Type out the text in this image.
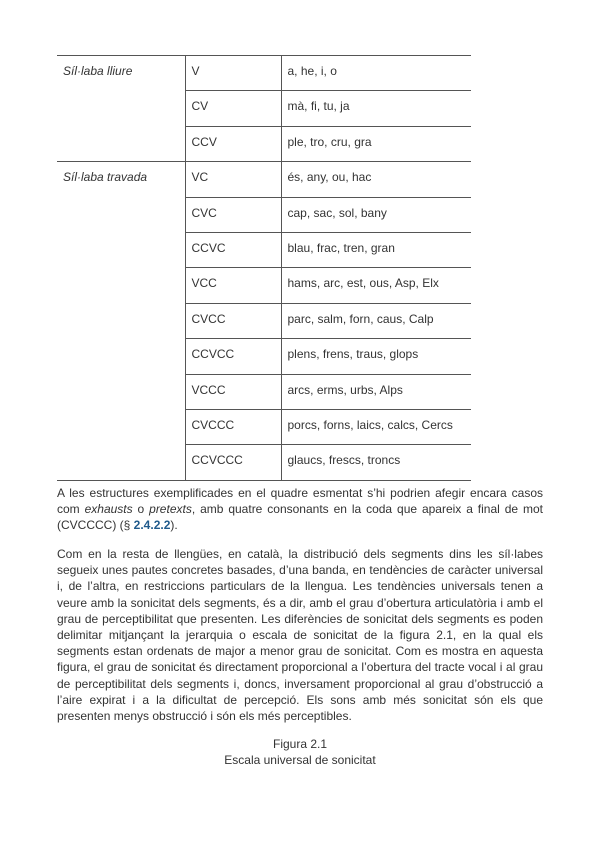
Síl·laba lliure	V	a, he, i, o
	CV	mà, fi, tu, ja
	CCV	ple, tro, cru, gra
Síl·laba travada	VC	és, any, ou, hac
	CVC	cap, sac, sol, bany
	CCVC	blau, frac, tren, gran
	VCC	hams, arc, est, ous, Asp, Elx
	CVCC	parc, salm, forn, caus, Calp
	CCVCC	plens, frens, traus, glops
	VCCC	arcs, erms, urbs, Alps
	CVCCC	porcs, forns, laics, calcs, Cercs
	CCVCCC	glaucs, frescs, troncs

A les estructures exemplificades en el quadre esmentat s’hi podrien afegir encara casos com exhausts o pretexts, amb quatre consonants en la coda que apareix a final de mot (CVCCCC) (§ 2.4.2.2).

Com en la resta de llengües, en català, la distribució dels segments dins les síl·labes segueix unes pautes concretes basades, d’una banda, en tendències de caràcter universal i, de l’altra, en restriccions particulars de la llengua. Les tendències universals tenen a veure amb la sonicitat dels segments, és a dir, amb el grau d’obertura articulatòria i amb el grau de perceptibilitat que presenten. Les diferències de sonicitat dels segments es poden delimitar mitjançant la jerarquia o escala de sonicitat de la figura 2.1, en la qual els segments estan ordenats de major a menor grau de sonicitat. Com es mostra en aquesta figura, el grau de sonicitat és directament proporcional a l’obertura del tracte vocal i al grau de perceptibilitat dels segments i, doncs, inversament proporcional al grau d’obstrucció a l’aire expirat i a la dificultat de percepció. Els sons amb més sonicitat són els que presenten menys obstrucció i són els més perceptibles.

Figura 2.1
Escala universal de sonicitat
